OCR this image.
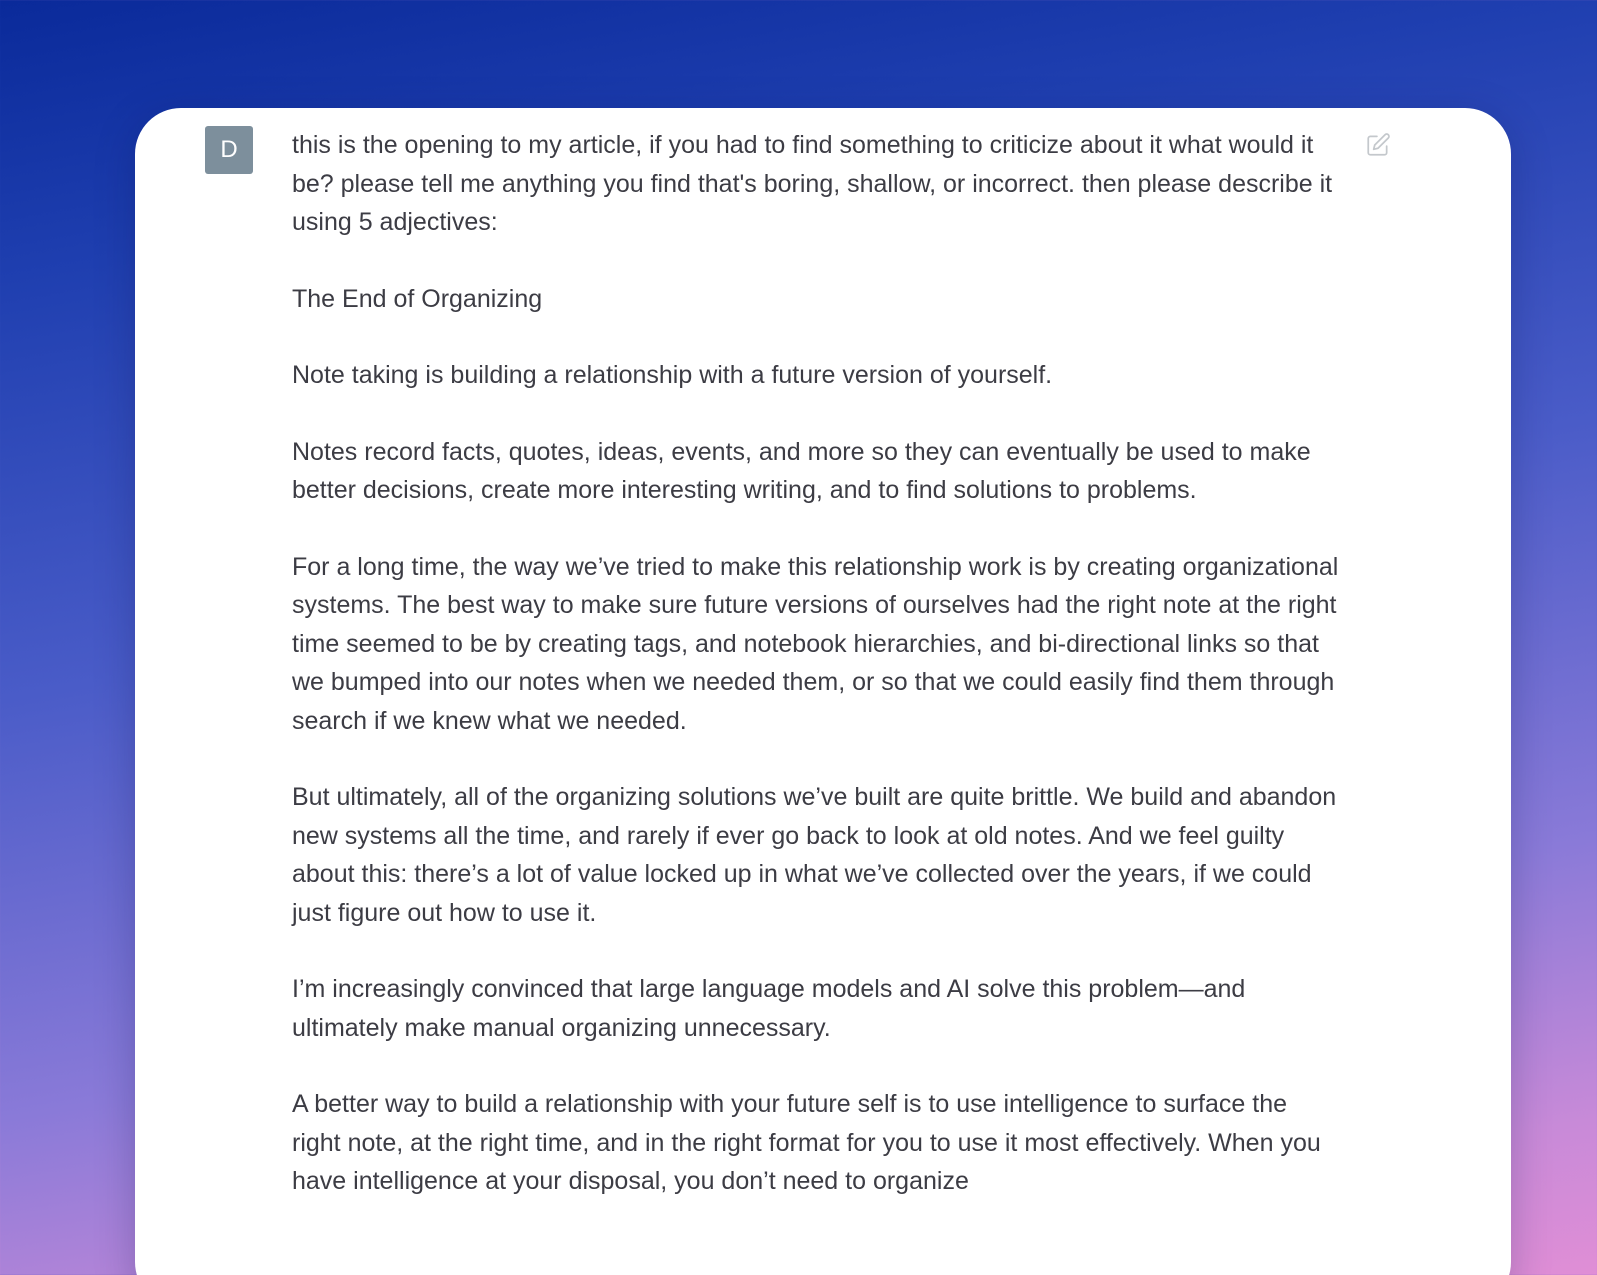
D	this is the opening to my article, if you had to find something to criticize about it what would it be? please tell me anything you find that's boring, shallow, or incorrect. then please describe it using 5 adjectives:

The End of Organizing

Note taking is building a relationship with a future version of yourself.

Notes record facts, quotes, ideas, events, and more so they can eventually be used to make better decisions, create more interesting writing, and to find solutions to problems.

For a long time, the way we’ve tried to make this relationship work is by creating organizational systems. The best way to make sure future versions of ourselves had the right note at the right time seemed to be by creating tags, and notebook hierarchies, and bi-directional links so that we bumped into our notes when we needed them, or so that we could easily find them through search if we knew what we needed.

But ultimately, all of the organizing solutions we’ve built are quite brittle. We build and abandon new systems all the time, and rarely if ever go back to look at old notes. And we feel guilty about this: there’s a lot of value locked up in what we’ve collected over the years, if we could just figure out how to use it.

I’m increasingly convinced that large language models and AI solve this problem—and ultimately make manual organizing unnecessary.

A better way to build a relationship with your future self is to use intelligence to surface the right note, at the right time, and in the right format for you to use it most effectively. When you have intelligence at your disposal, you don’t need to organize
